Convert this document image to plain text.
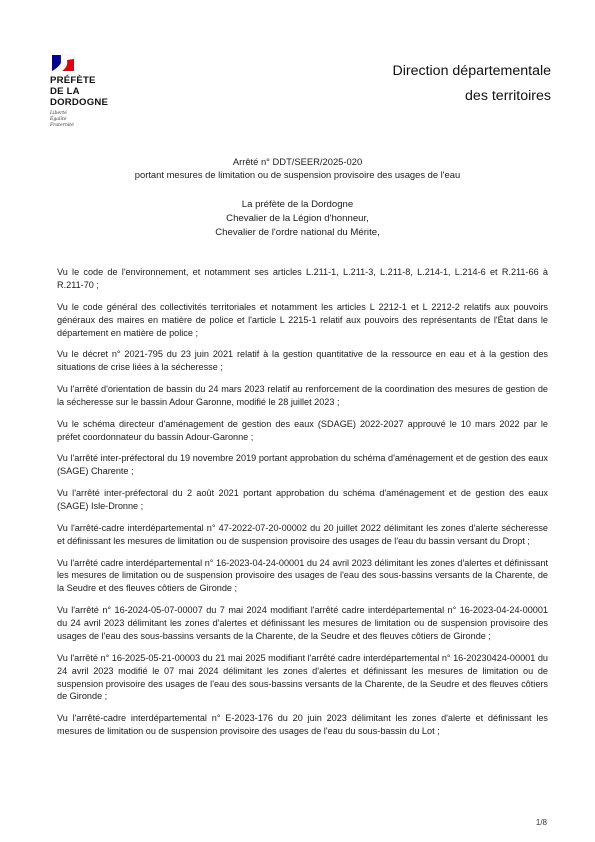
PRÉFÈTE
DE LA
DORDOGNE
Liberté
Égalité
Fraternité
Direction départementale
des territoires
Arrêté n° DDT/SEER/2025-020
portant mesures de limitation ou de suspension provisoire des usages de l'eau
La préfète de la Dordogne
Chevalier de la Légion d'honneur,
Chevalier de l'ordre national du Mérite,

Vu le code de l'environnement, et notamment ses articles L.211-1, L.211-3, L.211-8, L.214-1, L.214-6 et R.211-66 à R.211-70 ;

Vu le code général des collectivités territoriales et notamment les articles L 2212-1 et L 2212-2 relatifs aux pouvoirs généraux des maires en matière de police et l'article L 2215-1 relatif aux pouvoirs des représentants de l'État dans le département en matière de police ;

Vu le décret n° 2021-795 du 23 juin 2021 relatif à la gestion quantitative de la ressource en eau et à la gestion des situations de crise liées à la sécheresse ;

Vu l'arrêté d'orientation de bassin du 24 mars 2023 relatif au renforcement de la coordination des mesures de gestion de la sécheresse sur le bassin Adour Garonne, modifié le 28 juillet 2023 ;

Vu le schéma directeur d'aménagement de gestion des eaux (SDAGE) 2022-2027 approuvé le 10 mars 2022 par le préfet coordonnateur du bassin Adour-Garonne ;

Vu l'arrêté inter-préfectoral du 19 novembre 2019 portant approbation du schéma d'aménagement et de gestion des eaux (SAGE) Charente ;

Vu l'arrêté inter-préfectoral du 2 août 2021 portant approbation du schéma d'aménagement et de gestion des eaux (SAGE) Isle-Dronne ;

Vu l'arrêté-cadre interdépartemental n° 47-2022-07-20-00002 du 20 juillet 2022 délimitant les zones d'alerte sécheresse et définissant les mesures de limitation ou de suspension provisoire des usages de l'eau du bassin versant du Dropt ;

Vu l'arrêté cadre interdépartemental n° 16-2023-04-24-00001 du 24 avril 2023 délimitant les zones d'alertes et définissant les mesures de limitation ou de suspension provisoire des usages de l'eau des sous-bassins versants de la Charente, de la Seudre et des fleuves côtiers de Gironde ;

Vu l'arrêté n° 16-2024-05-07-00007 du 7 mai 2024 modifiant l'arrêté cadre interdépartemental n° 16-2023-04-24-00001 du 24 avril 2023 délimitant les zones d'alertes et définissant les mesures de limitation ou de suspension provisoire des usages de l'eau des sous-bassins versants de la Charente, de la Seudre et des fleuves côtiers de Gironde ;

Vu l'arrêté n° 16-2025-05-21-00003 du 21 mai 2025 modifiant l'arrêté cadre interdépartemental n° 16-20230424-00001 du 24 avril 2023 modifié le 07 mai 2024 délimitant les zones d'alertes et définissant les mesures de limitation ou de suspension provisoire des usages de l'eau des sous-bassins versants de la Charente, de la Seudre et des fleuves côtiers de Gironde ;

Vu l'arrêté-cadre interdépartemental n° E-2023-176 du 20 juin 2023 délimitant les zones d'alerte et définissant les mesures de limitation ou de suspension provisoire des usages de l'eau du sous-bassin du Lot ;

1/8
